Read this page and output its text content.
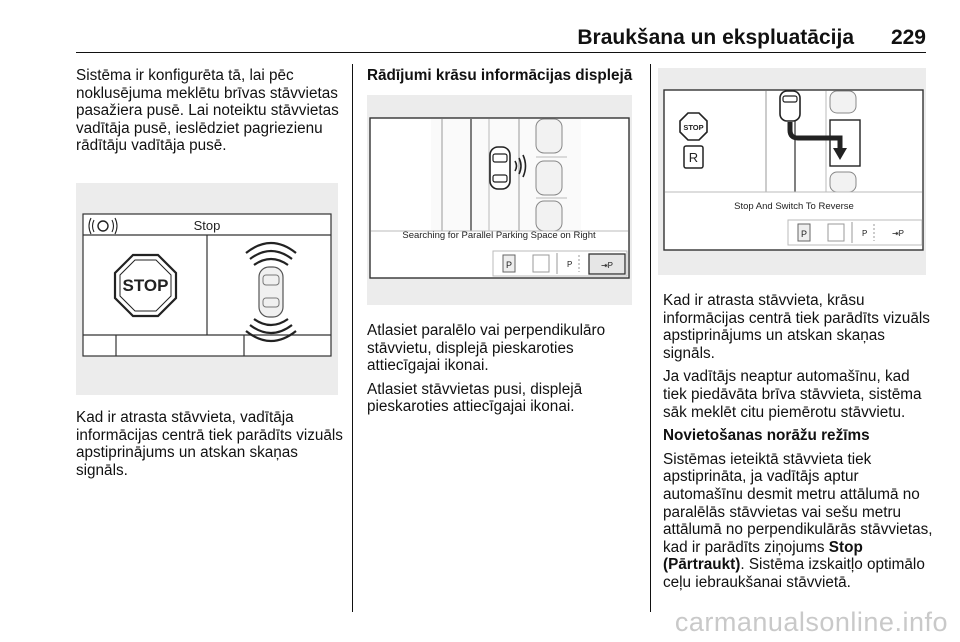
Braukšana un ekspluatācija 229

Sistēma ir konfigurēta tā, lai pēc noklusējuma meklētu brīvas stāvvietas pasažiera pusē. Lai noteiktu stāvvietas vadītāja pusē, ieslēdziet pagriezienu rādītāju vadītāja pusē.

Stop
STOP

Kad ir atrasta stāvvieta, vadītāja informācijas centrā tiek parādīts vizuāls apstiprinājums un atskan skaņas signāls.

Rādījumi krāsu informācijas displejā

Searching for Parallel Parking Space on Right
P	P	⇥P

Atlasiet paralēlo vai perpendikulāro stāvvietu, displejā pieskaroties attiecīgajai ikonai.

Atlasiet stāvvietas pusi, displejā pieskaroties attiecīgajai ikonai.

STOP
R
Stop And Switch To Reverse
P	P	⇥P

Kad ir atrasta stāvvieta, krāsu informācijas centrā tiek parādīts vizuāls apstiprinājums un atskan skaņas signāls.

Ja vadītājs neaptur automašīnu, kad tiek piedāvāta brīva stāvvieta, sistēma sāk meklēt citu piemērotu stāvvietu.

Novietošanas norāžu režīms

Sistēmas ieteiktā stāvvieta tiek apstiprināta, ja vadītājs aptur automašīnu desmit metru attālumā no paralēlās stāvvietas vai sešu metru attālumā no perpendikulārās stāvvietas, kad ir parādīts ziņojums Stop (Pārtraukt). Sistēma izskaitļo optimālo ceļu iebraukšanai stāvvietā.

carmanualsonline.info
